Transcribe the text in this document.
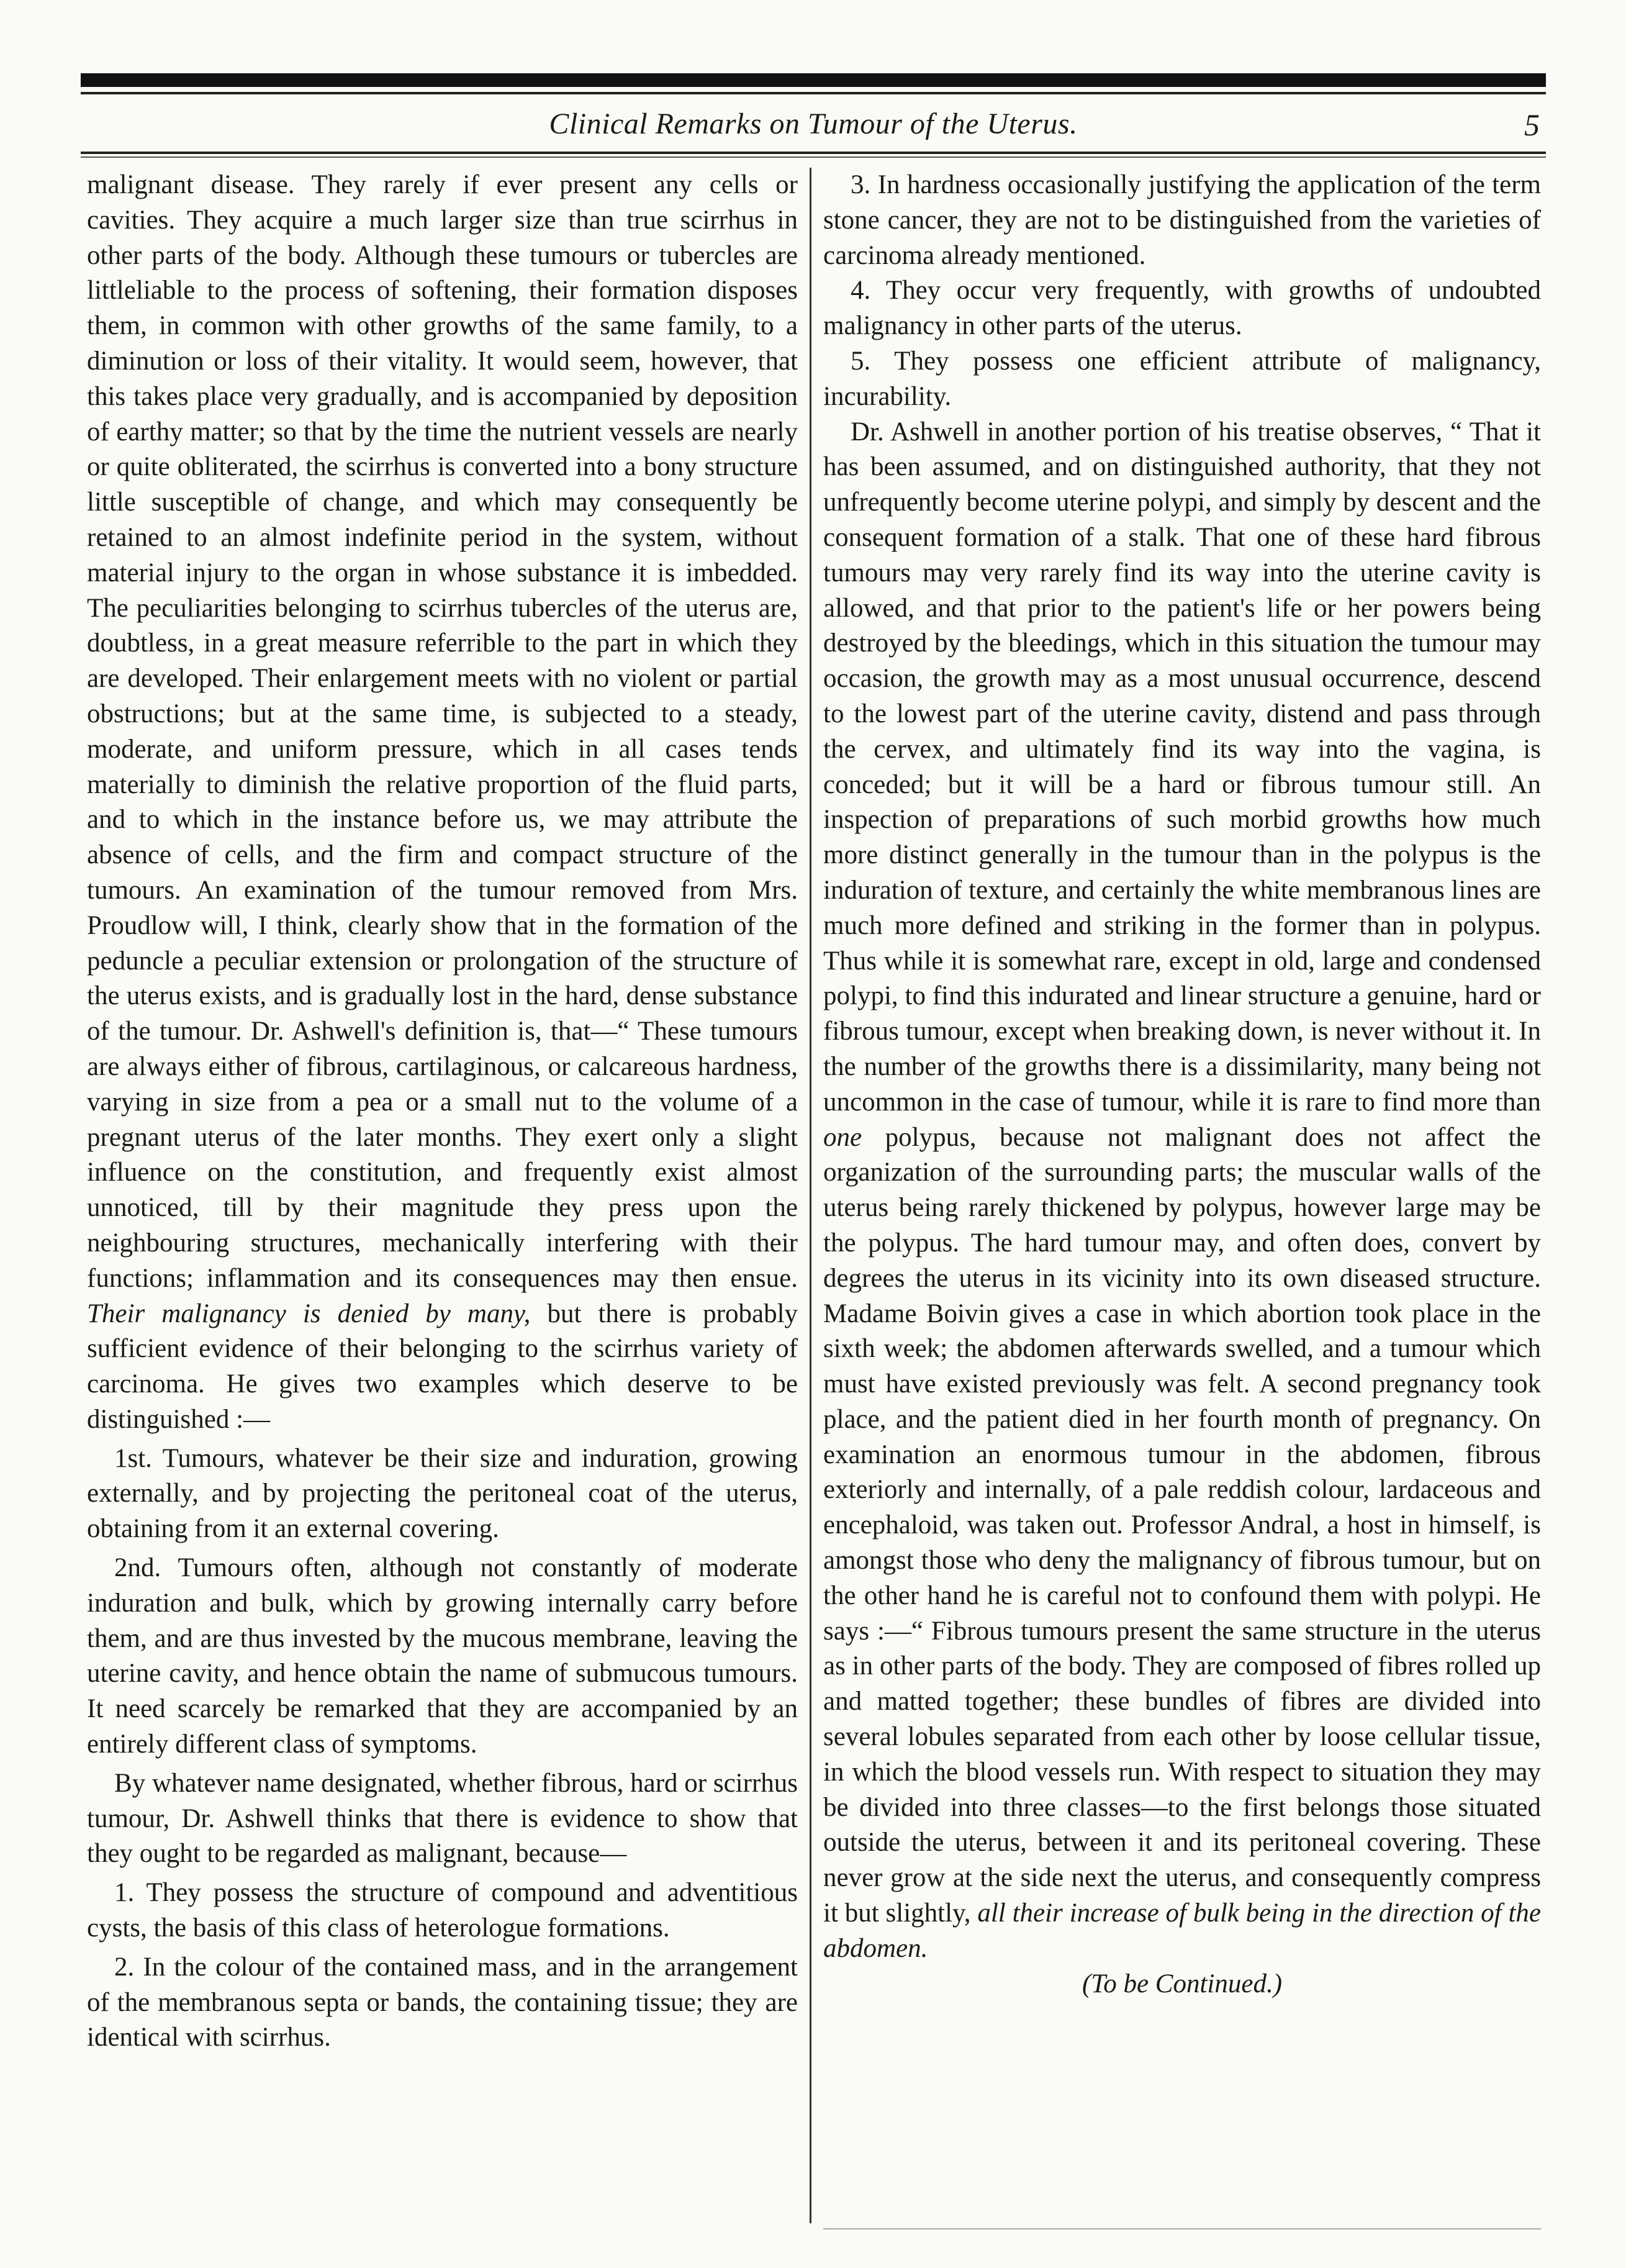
Clinical Remarks on Tumour of the Uterus.	5

malignant disease. They rarely if ever present any cells or cavities. They acquire a much larger size than true scirrhus in other parts of the body. Although these tumours or tubercles are littleliable to the process of softening, their formation disposes them, in common with other growths of the same family, to a diminution or loss of their vitality. It would seem, however, that this takes place very gradually, and is accompanied by deposition of earthy matter; so that by the time the nutrient vessels are nearly or quite obliterated, the scirrhus is converted into a bony structure little susceptible of change, and which may consequently be retained to an almost indefinite period in the system, without material injury to the organ in whose substance it is imbedded. The peculiarities belonging to scirrhus tubercles of the uterus are, doubtless, in a great measure referrible to the part in which they are developed. Their enlargement meets with no violent or partial obstructions; but at the same time, is subjected to a steady, moderate, and uniform pressure, which in all cases tends materially to diminish the relative proportion of the fluid parts, and to which in the instance before us, we may attribute the absence of cells, and the firm and compact structure of the tumours. An examination of the tumour removed from Mrs. Proudlow will, I think, clearly show that in the formation of the peduncle a peculiar extension or prolongation of the structure of the uterus exists, and is gradually lost in the hard, dense substance of the tumour. Dr. Ashwell's definition is, that—“ These tumours are always either of fibrous, cartilaginous, or calcareous hardness, varying in size from a pea or a small nut to the volume of a pregnant uterus of the later months. They exert only a slight influence on the constitution, and frequently exist almost unnoticed, till by their magnitude they press upon the neighbouring structures, mechanically interfering with their functions; inflammation and its consequences may then ensue. Their malignancy is denied by many, but there is probably sufficient evidence of their belonging to the scirrhus variety of carcinoma. He gives two examples which deserve to be distinguished :—

1st. Tumours, whatever be their size and induration, growing externally, and by projecting the peritoneal coat of the uterus, obtaining from it an external covering.

2nd. Tumours often, although not constantly of moderate induration and bulk, which by growing internally carry before them, and are thus invested by the mucous membrane, leaving the uterine cavity, and hence obtain the name of submucous tumours. It need scarcely be remarked that they are accompanied by an entirely different class of symptoms.

By whatever name designated, whether fibrous, hard or scirrhus tumour, Dr. Ashwell thinks that there is evidence to show that they ought to be regarded as malignant, because—

1. They possess the structure of compound and adventitious cysts, the basis of this class of heterologue formations.

2. In the colour of the contained mass, and in the arrangement of the membranous septa or bands, the containing tissue; they are identical with scirrhus.

3. In hardness occasionally justifying the application of the term stone cancer, they are not to be distinguished from the varieties of carcinoma already mentioned.

4. They occur very frequently, with growths of undoubted malignancy in other parts of the uterus.

5. They possess one efficient attribute of malignancy, incurability.

Dr. Ashwell in another portion of his treatise observes, “ That it has been assumed, and on distinguished authority, that they not unfrequently become uterine polypi, and simply by descent and the consequent formation of a stalk. That one of these hard fibrous tumours may very rarely find its way into the uterine cavity is allowed, and that prior to the patient's life or her powers being destroyed by the bleedings, which in this situation the tumour may occasion, the growth may as a most unusual occurrence, descend to the lowest part of the uterine cavity, distend and pass through the cervex, and ultimately find its way into the vagina, is conceded; but it will be a hard or fibrous tumour still. An inspection of preparations of such morbid growths how much more distinct generally in the tumour than in the polypus is the induration of texture, and certainly the white membranous lines are much more defined and striking in the former than in polypus. Thus while it is somewhat rare, except in old, large and condensed polypi, to find this indurated and linear structure a genuine, hard or fibrous tumour, except when breaking down, is never without it. In the number of the growths there is a dissimilarity, many being not uncommon in the case of tumour, while it is rare to find more than one polypus, because not malignant does not affect the organization of the surrounding parts; the muscular walls of the uterus being rarely thickened by polypus, however large may be the polypus. The hard tumour may, and often does, convert by degrees the uterus in its vicinity into its own diseased structure. Madame Boivin gives a case in which abortion took place in the sixth week; the abdomen afterwards swelled, and a tumour which must have existed previously was felt. A second pregnancy took place, and the patient died in her fourth month of pregnancy. On examination an enormous tumour in the abdomen, fibrous exteriorly and internally, of a pale reddish colour, lardaceous and encephaloid, was taken out. Professor Andral, a host in himself, is amongst those who deny the malignancy of fibrous tumour, but on the other hand he is careful not to confound them with polypi. He says :—“ Fibrous tumours present the same structure in the uterus as in other parts of the body. They are composed of fibres rolled up and matted together; these bundles of fibres are divided into several lobules separated from each other by loose cellular tissue, in which the blood vessels run. With respect to situation they may be divided into three classes—to the first belongs those situated outside the uterus, between it and its peritoneal covering. These never grow at the side next the uterus, and consequently compress it but slightly, all their increase of bulk being in the direction of the abdomen.

(To be Continued.)
